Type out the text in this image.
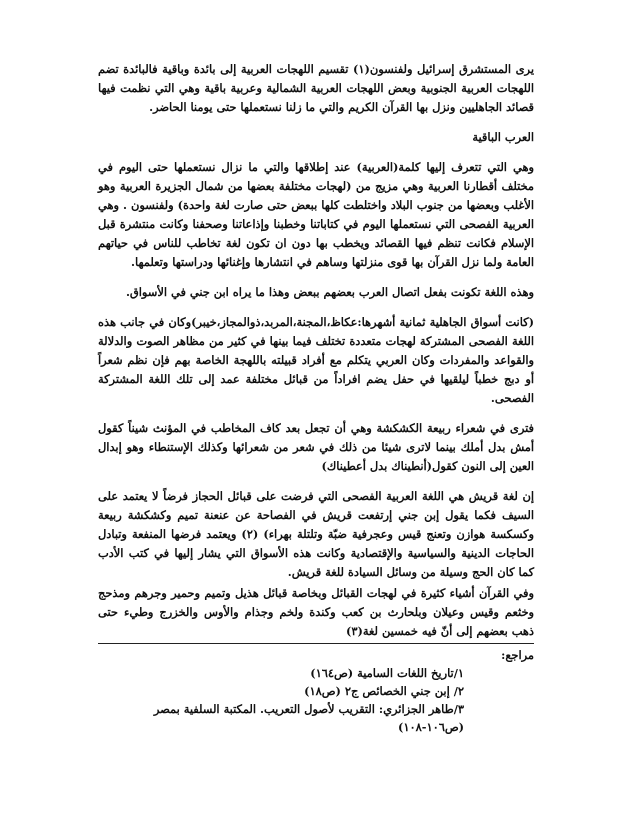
يرى المستشرق إسرائيل ولفنسون(١) تقسيم اللهجات العربية إلى بائدة وباقية فالبائدة تضم اللهجات العربية الجنوبية وبعض اللهجات العربية الشمالية وعربية باقية وهي التي نظمت فيها قصائد الجاهليين ونزل بها القرآن الكريم والتي ما زلنا نستعملها حتى يومنا الحاضر.

العرب الباقية

وهي التي تتعرف إليها كلمة(العربية) عند إطلاقها والتي ما نزال نستعملها حتى اليوم في مختلف أقطارنا العربية وهي مزيج من (لهجات مختلفة بعضها من شمال الجزيرة العربية وهو الأغلب وبعضها من جنوب البلاد واختلطت كلها ببعض حتى صارت لغة واحدة) ولفنسون . وهي العربية الفصحى التي نستعملها اليوم في كتاباتنا وخطبنا وإذاعاتنا وصحفنا وكانت منتشرة قبل الإسلام فكانت تنظم فيها القصائد ويخطب بها دون ان تكون لغة تخاطب للناس في حياتهم العامة ولما نزل القرآن بها قوى منزلتها وساهم في انتشارها وإغنائها ودراستها وتعلمها.

وهذه اللغة تكونت بفعل اتصال العرب بعضهم ببعض وهذا ما يراه ابن جني في الأسواق.

(كانت أسواق الجاهلية ثمانية أشهرها:عكاظ،المجنة،المربد،ذوالمجاز،خيبر)وكان في جانب هذه اللغة الفصحى المشتركة لهجات متعددة تختلف فيما بينها في كثير من مظاهر الصوت والدلالة والقواعد والمفردات وكان العربي يتكلم مع أفراد قبيلته باللهجة الخاصة بهم فإن نظم شعراً أو دبج خطباً ليلقيها في حفل يضم افراداً من قبائل مختلفة عمد إلى تلك اللغة المشتركة الفصحى.

فترى في شعراء ربيعة الكشكشة وهي أن تجعل بعد كاف المخاطب في المؤنث شيناً كقول أمش بدل أملك بينما لاترى شيئا من ذلك في شعر من شعرائها وكذلك الإستنطاء وهو إبدال العين إلى النون كقول(أنطيناك بدل أعطيناك)

إن لغة قريش هي اللغة العربية الفصحى التي فرضت على قبائل الحجاز فرضاً لا يعتمد على السيف فكما يقول إبن جني إرتفعت قريش في الفصاحة عن عنعنة تميم وكشكشة ربيعة وكسكسة هوازن وتعنج قيس وعجرفية ضبّة وتلتلة بهراء) (٢) ويعتمد فرضها المنفعة وتبادل الحاجات الدينية والسياسية والإقتصادية وكانت هذه الأسواق التي يشار إليها في كتب الأدب كما كان الحج وسيلة من وسائل السيادة للغة قريش.

وفي القرآن أشياء كثيرة في لهجات القبائل وبخاصة قبائل هذيل وتميم وحمير وجرهم ومذحج وخثعم وقيس وعيلان وبلحارث بن كعب وكندة ولخم وجذام والأوس والخزرج وطيء حتى ذهب بعضهم إلى أنّ فيه خمسين لغة(٣)

مراجع:

١/تاريخ اللغات السامية (ص١٦٤)
٢/ إبن جني الخصائص ج٢ (ص١٨)
٣/طاهر الجزائري: التقريب لأصول التعريب. المكتبة السلفية بمصر (ص١٠٦-١٠٨)
